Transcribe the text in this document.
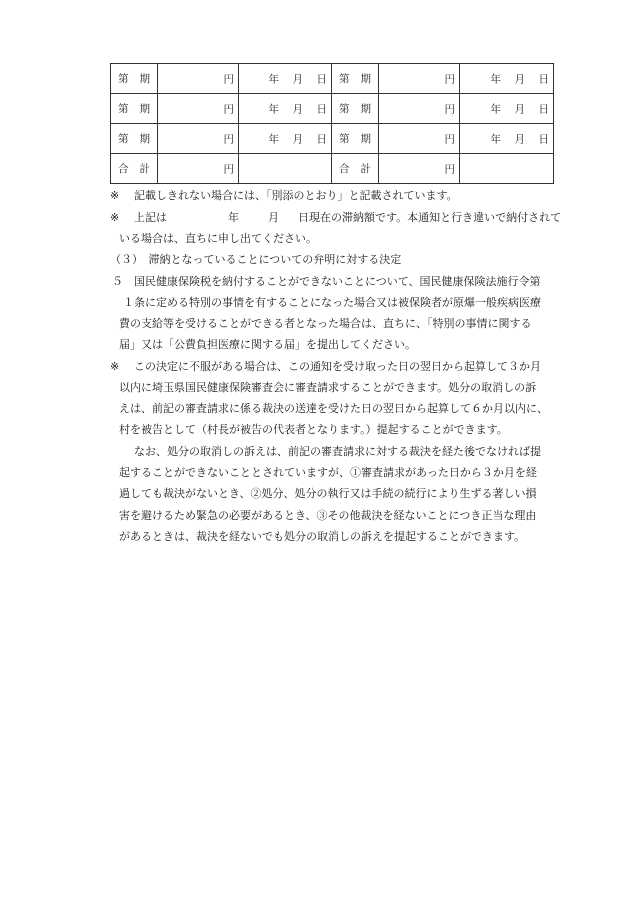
第 期	円	年 月 日	第 期	円	年 月 日

第 期	円	年 月 日	第 期	円	年 月 日

第 期	円	年 月 日	第 期	円	年 月 日

合 計	円		合 計	円	

※ 記載しきれない場合には、「別添のとおり」と記載されています。

※ 上記は	年	月 日現在の滞納額です。本通知と行き違いで納付されて

いる場合は、直ちに申し出てください。

（３）　滞納となっていることについての弁明に対する決定

５ 国民健康保険税を納付することができないことについて、国民健康保険法施行令第

１条に定める特別の事情を有することになった場合又は被保険者が原爆一般疾病医療

費の支給等を受けることができる者となった場合は、直ちに、「特別の事情に関する

届」又は「公費負担医療に関する届」を提出してください。

※ この決定に不服がある場合は、この通知を受け取った日の翌日から起算して３か月

以内に埼玉県国民健康保険審査会に審査請求することができます。処分の取消しの訴

えは、前記の審査請求に係る裁決の送達を受けた日の翌日から起算して６か月以内に、

村を被告として（村長が被告の代表者となります。）提起することができます。

なお、処分の取消しの訴えは、前記の審査請求に対する裁決を経た後でなければ提

起することができないこととされていますが、①審査請求があった日から３か月を経

過しても裁決がないとき、②処分、処分の執行又は手続の続行により生ずる著しい損

害を避けるため緊急の必要があるとき、③その他裁決を経ないことにつき正当な理由

があるときは、裁決を経ないでも処分の取消しの訴えを提起することができます。
